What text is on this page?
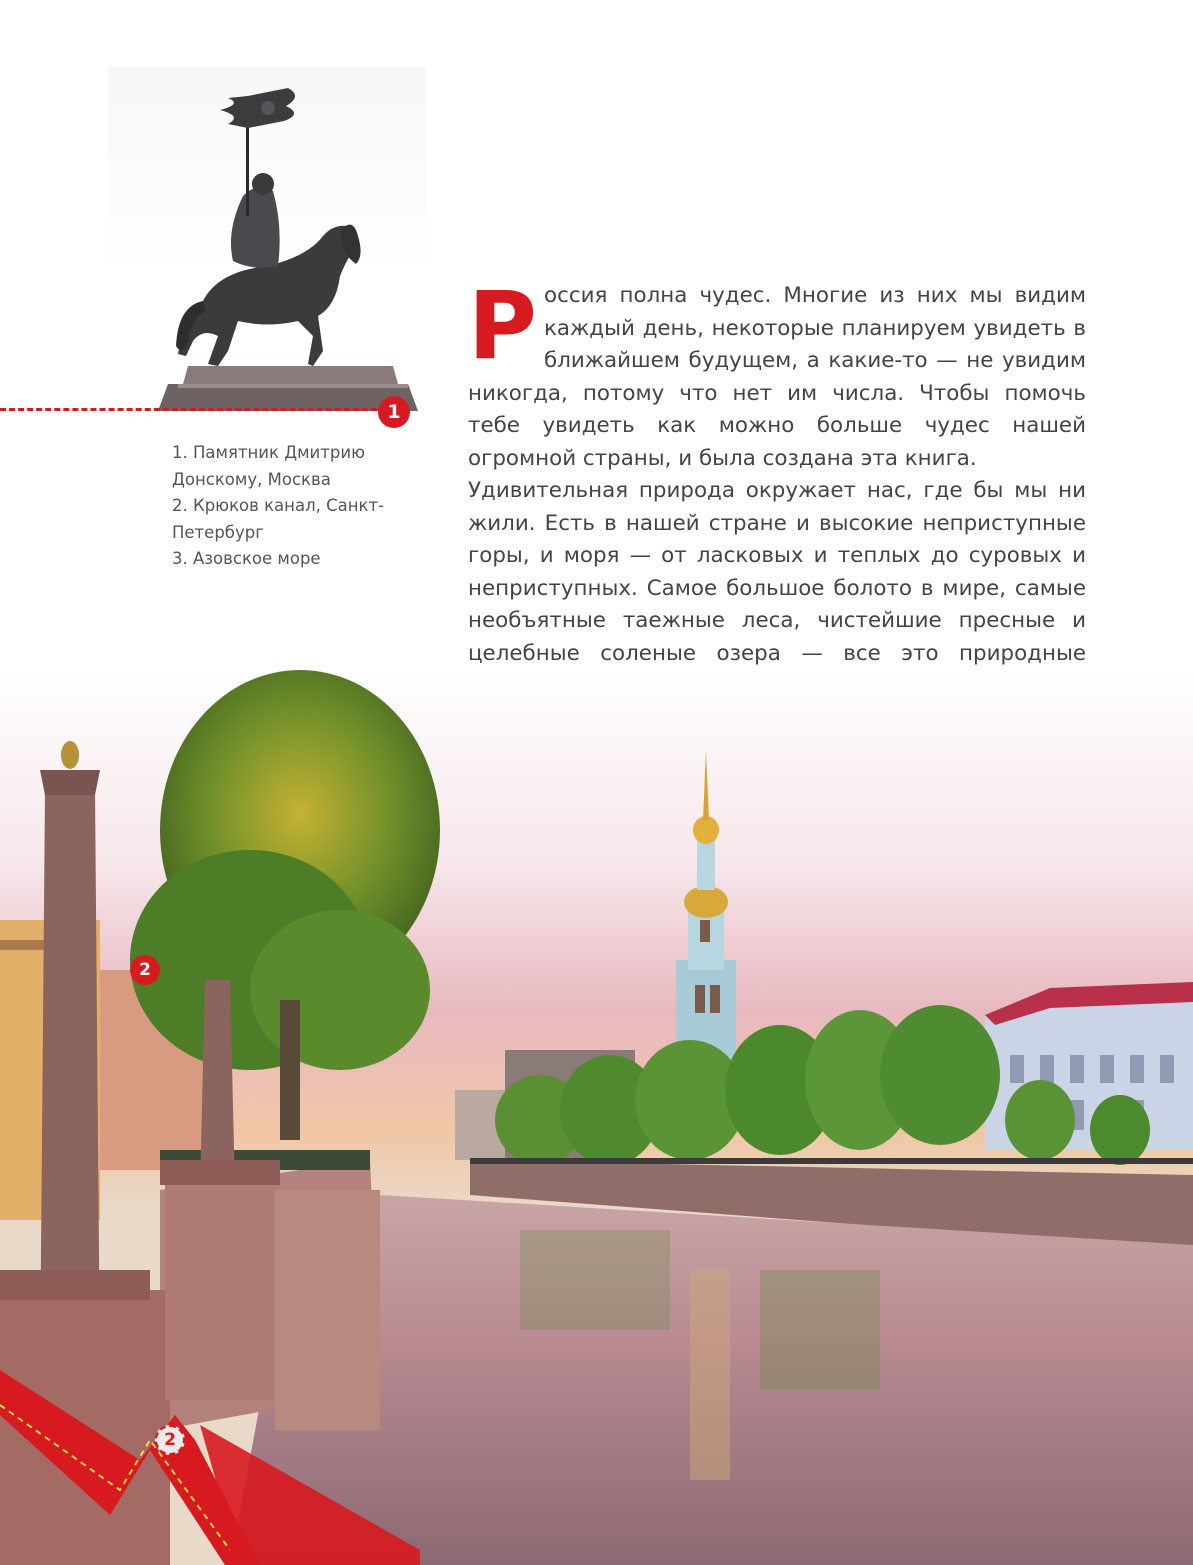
1
1. Памятник Дмитрию
Донскому, Москва
2. Крюков канал, Санкт-
Петербург
3. Азовское море
Р оссия полна чудес. Многие из них мы видим каждый день, некоторые планируем увидеть в ближайшем будущем, а какие-то — не увидим никогда, потому что нет им числа. Чтобы помочь тебе увидеть как можно больше чудес нашей огромной страны, и была создана эта книга.

Удивительная природа окружает нас, где бы мы ни жили. Есть в нашей стране и высокие неприступные горы, и моря — от ласковых и теплых до суровых и неприступных. Самое большое болото в мире, самые необъятные таежные леса, чистейшие пресные и целебные соленые озера — все это природные

2
2
